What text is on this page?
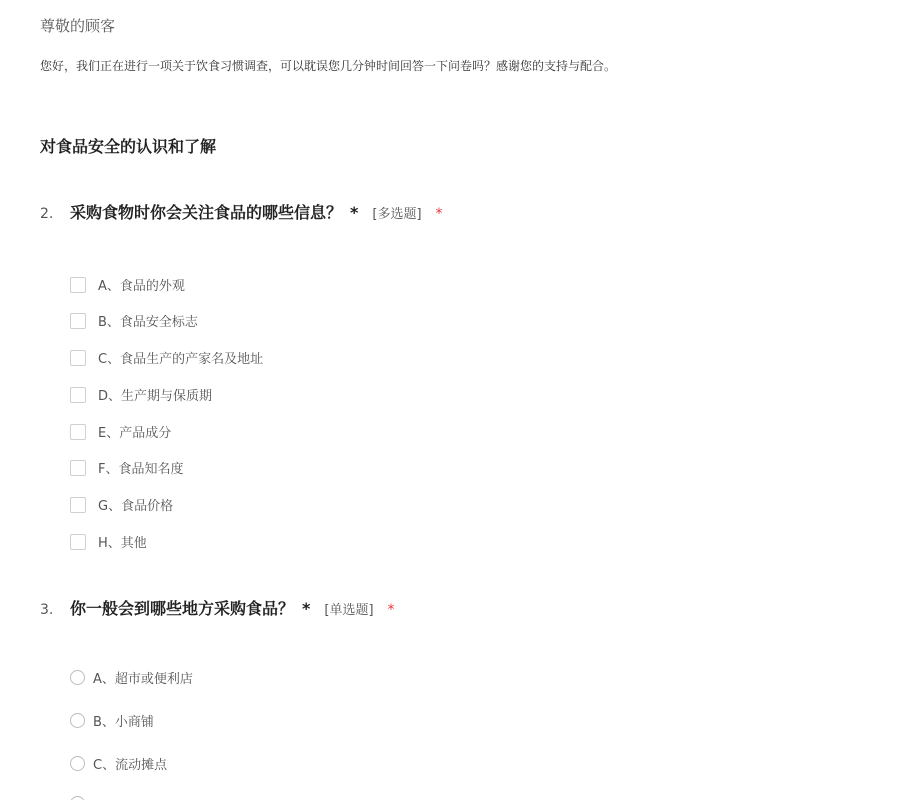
尊敬的顾客
您好，我们正在进行一项关于饮食习惯调查，可以耽误您几分钟时间回答一下问卷吗？感谢您的支持与配合。
对食品安全的认识和了解
2.	采购食物时你会关注食品的哪些信息？ * [多选题] *
A、食品的外观
B、食品安全标志
C、食品生产的产家名及地址
D、生产期与保质期
E、产品成分
F、食品知名度
G、食品价格
H、其他
3.	你一般会到哪些地方采购食品？ * [单选题] *
A、超市或便利店
B、小商铺
C、流动摊点
